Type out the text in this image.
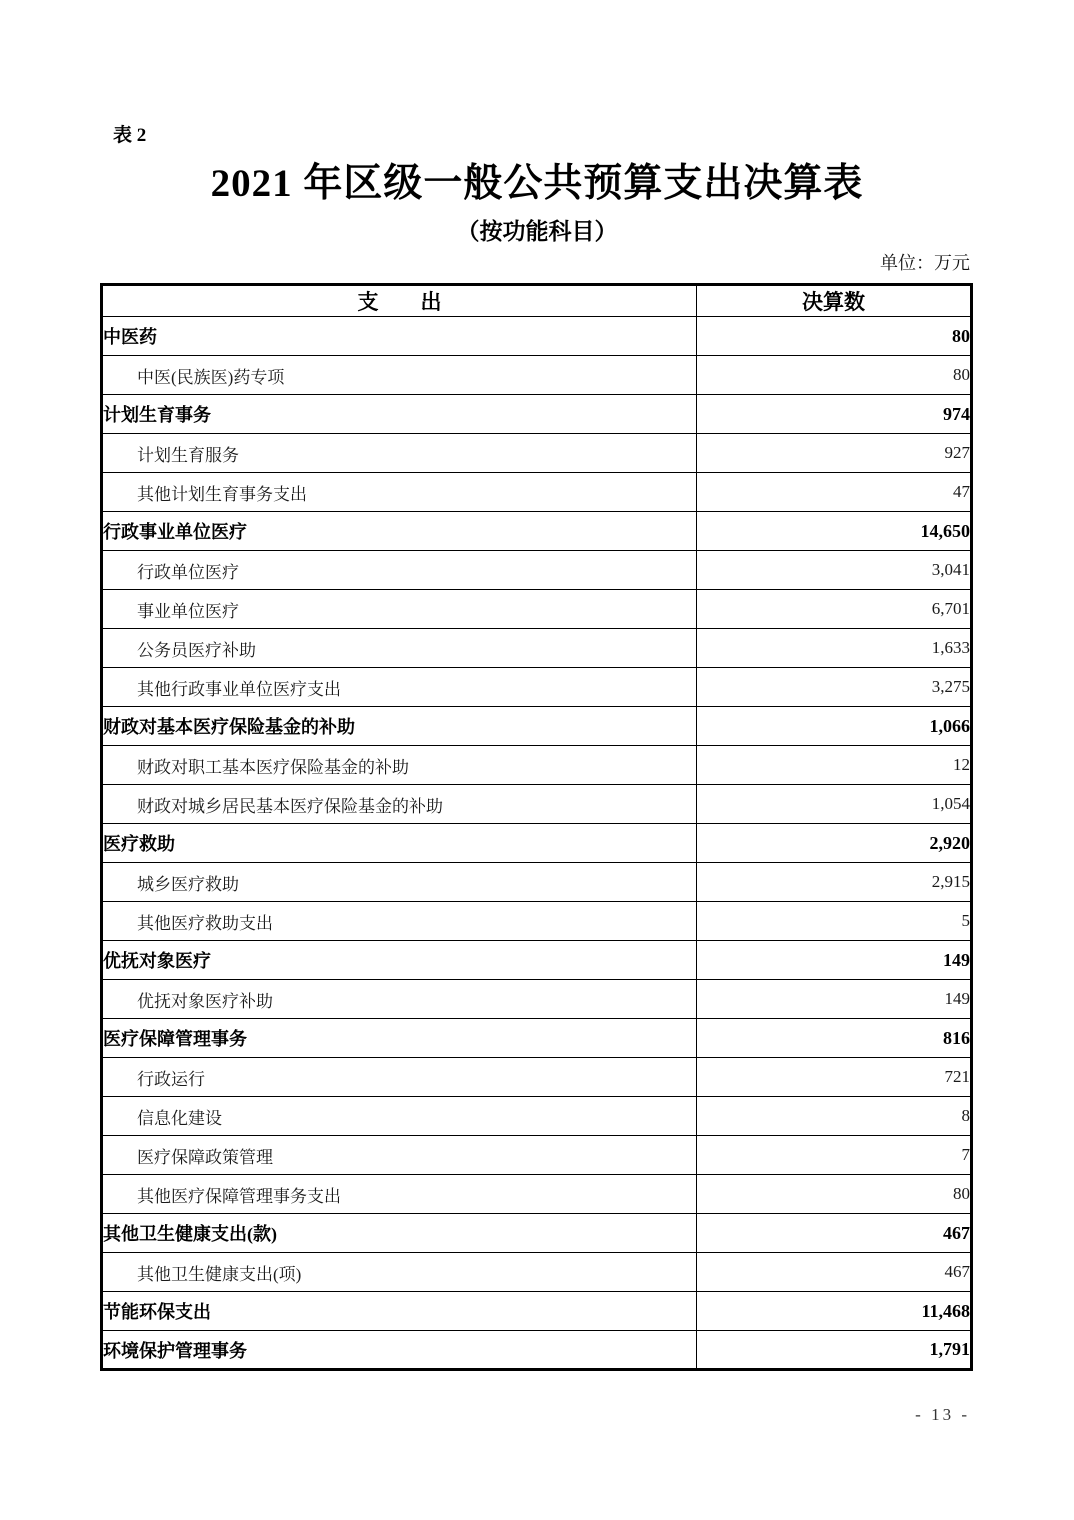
表 2
2021 年区级一般公共预算支出决算表
（按功能科目）
单位：万元
支　　出	决算数
中医药	80
中医(民族医)药专项	80
计划生育事务	974
计划生育服务	927
其他计划生育事务支出	47
行政事业单位医疗	14,650
行政单位医疗	3,041
事业单位医疗	6,701
公务员医疗补助	1,633
其他行政事业单位医疗支出	3,275
财政对基本医疗保险基金的补助	1,066
财政对职工基本医疗保险基金的补助	12
财政对城乡居民基本医疗保险基金的补助	1,054
医疗救助	2,920
城乡医疗救助	2,915
其他医疗救助支出	5
优抚对象医疗	149
优抚对象医疗补助	149
医疗保障管理事务	816
行政运行	721
信息化建设	8
医疗保障政策管理	7
其他医疗保障管理事务支出	80
其他卫生健康支出(款)	467
其他卫生健康支出(项)	467
节能环保支出	11,468
环境保护管理事务	1,791
- 13 -
